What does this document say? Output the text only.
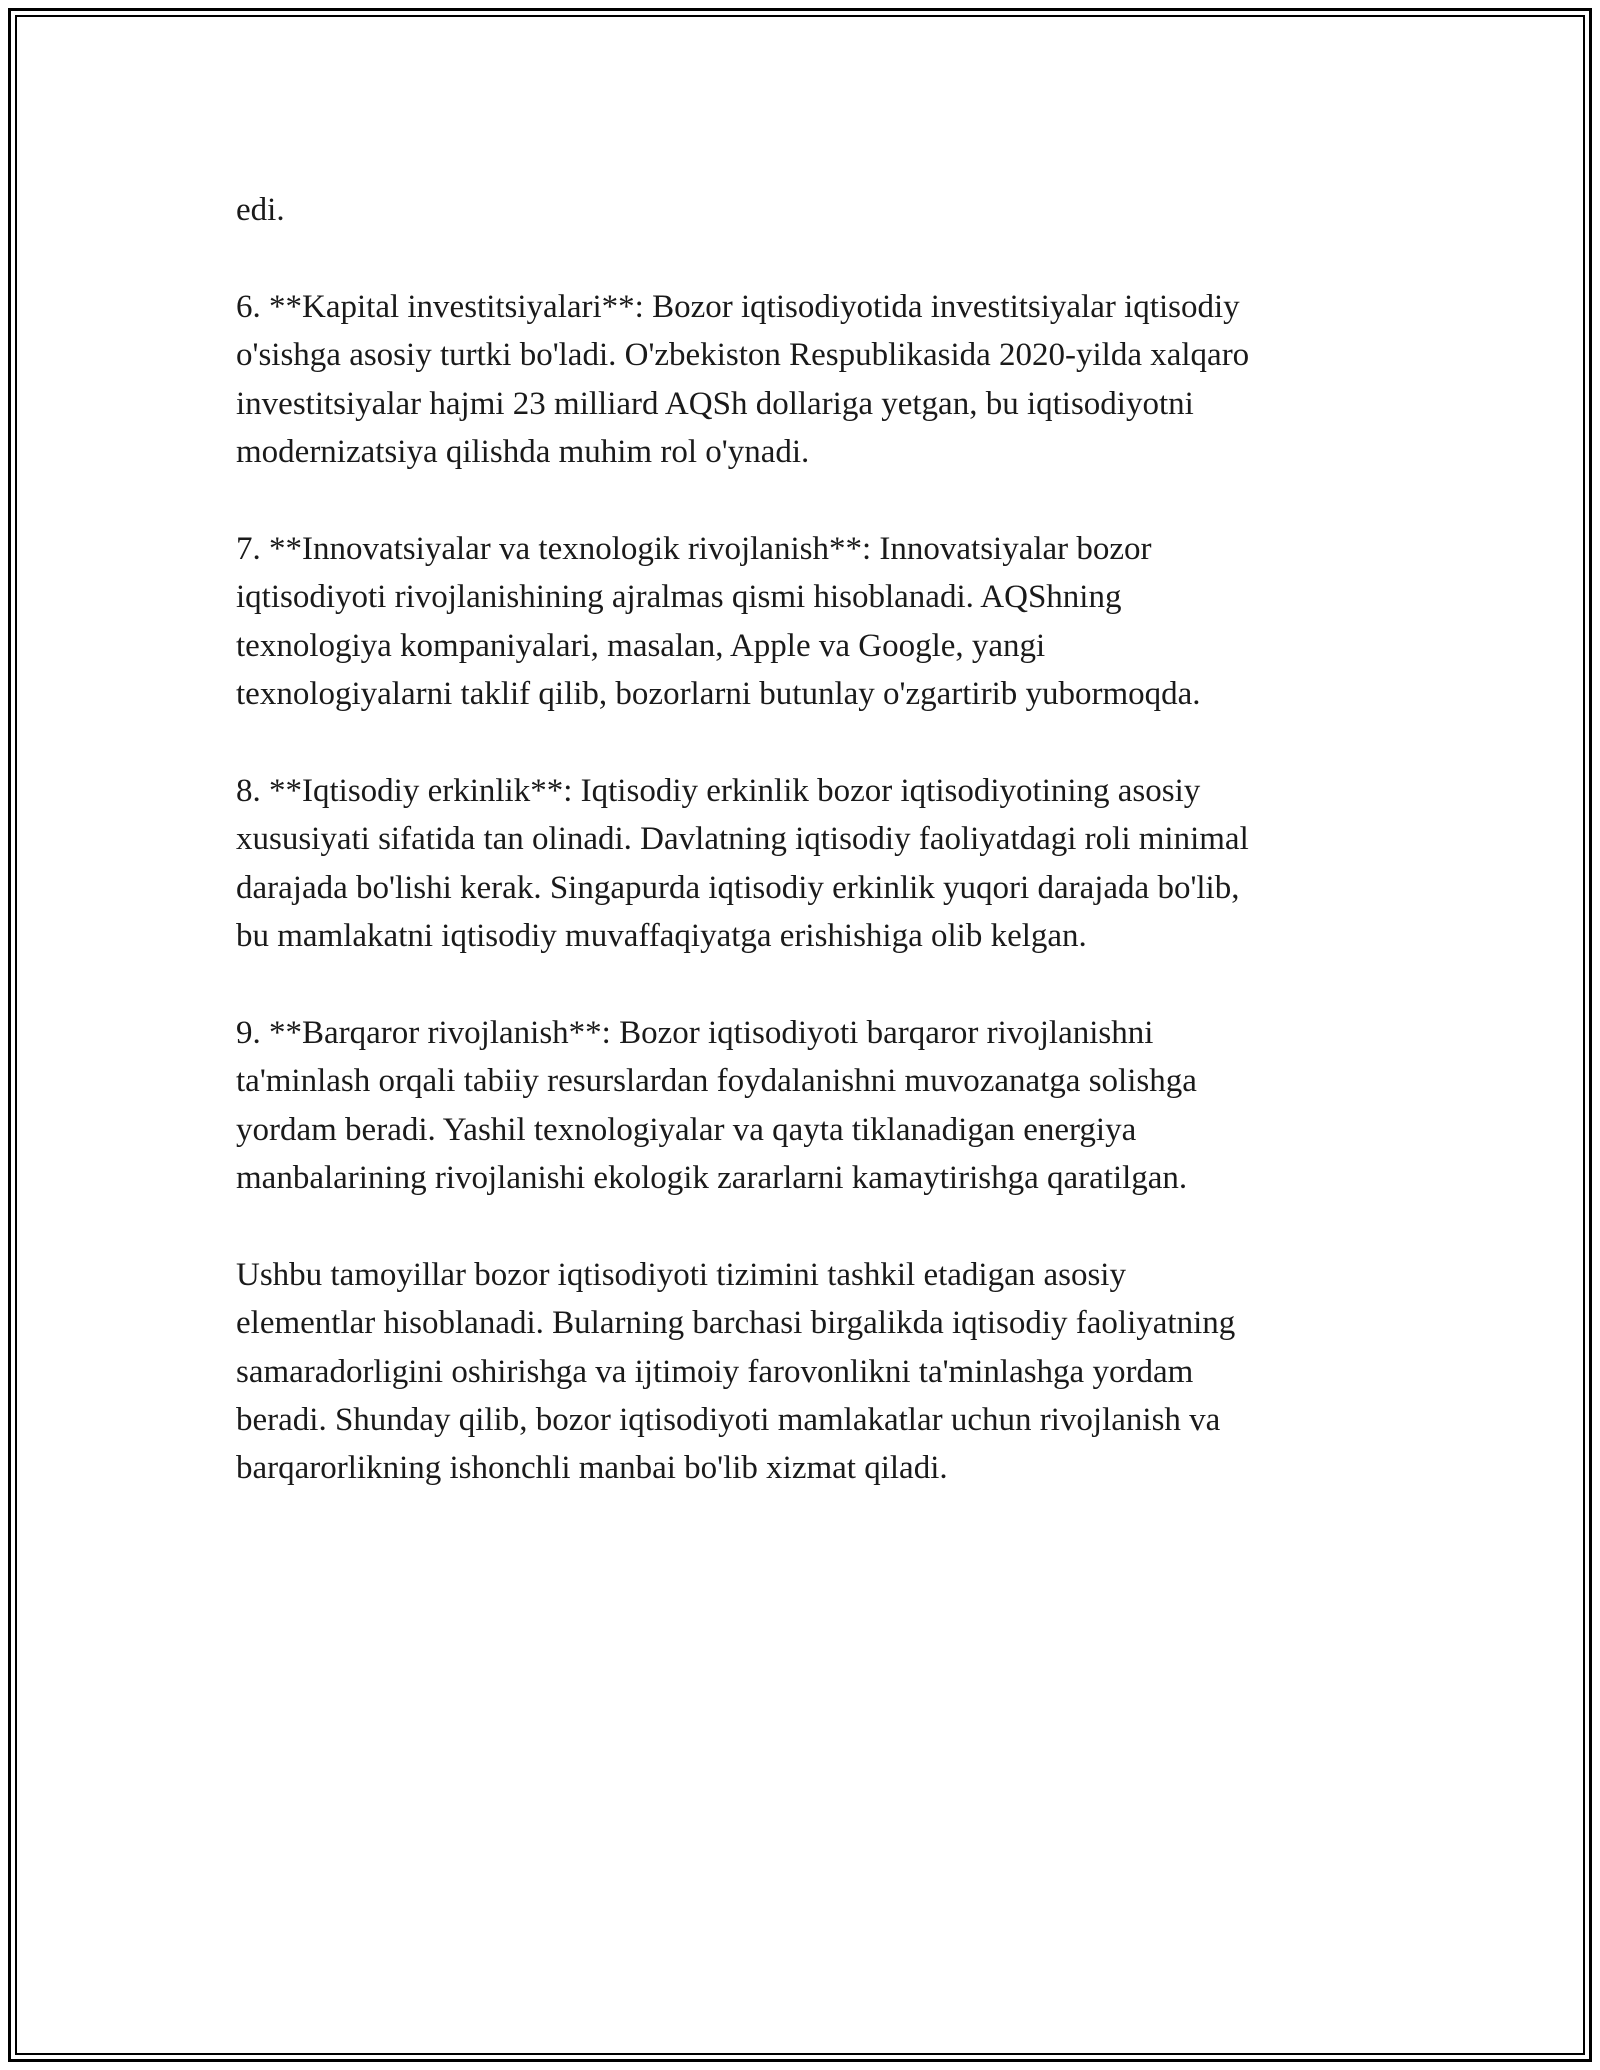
edi.

6. **Kapital investitsiyalari**: Bozor iqtisodiyotida investitsiyalar iqtisodiy
o'sishga asosiy turtki bo'ladi. O'zbekiston Respublikasida 2020-yilda xalqaro
investitsiyalar hajmi 23 milliard AQSh dollariga yetgan, bu iqtisodiyotni
modernizatsiya qilishda muhim rol o'ynadi.

7. **Innovatsiyalar va texnologik rivojlanish**: Innovatsiyalar bozor
iqtisodiyoti rivojlanishining ajralmas qismi hisoblanadi. AQShning
texnologiya kompaniyalari, masalan, Apple va Google, yangi
texnologiyalarni taklif qilib, bozorlarni butunlay o'zgartirib yubormoqda.

8. **Iqtisodiy erkinlik**: Iqtisodiy erkinlik bozor iqtisodiyotining asosiy
xususiyati sifatida tan olinadi. Davlatning iqtisodiy faoliyatdagi roli minimal
darajada bo'lishi kerak. Singapurda iqtisodiy erkinlik yuqori darajada bo'lib,
bu mamlakatni iqtisodiy muvaffaqiyatga erishishiga olib kelgan.

9. **Barqaror rivojlanish**: Bozor iqtisodiyoti barqaror rivojlanishni
ta'minlash orqali tabiiy resurslardan foydalanishni muvozanatga solishga
yordam beradi. Yashil texnologiyalar va qayta tiklanadigan energiya
manbalarining rivojlanishi ekologik zararlarni kamaytirishga qaratilgan.

Ushbu tamoyillar bozor iqtisodiyoti tizimini tashkil etadigan asosiy
elementlar hisoblanadi. Bularning barchasi birgalikda iqtisodiy faoliyatning
samaradorligini oshirishga va ijtimoiy farovonlikni ta'minlashga yordam
beradi. Shunday qilib, bozor iqtisodiyoti mamlakatlar uchun rivojlanish va
barqarorlikning ishonchli manbai bo'lib xizmat qiladi.
